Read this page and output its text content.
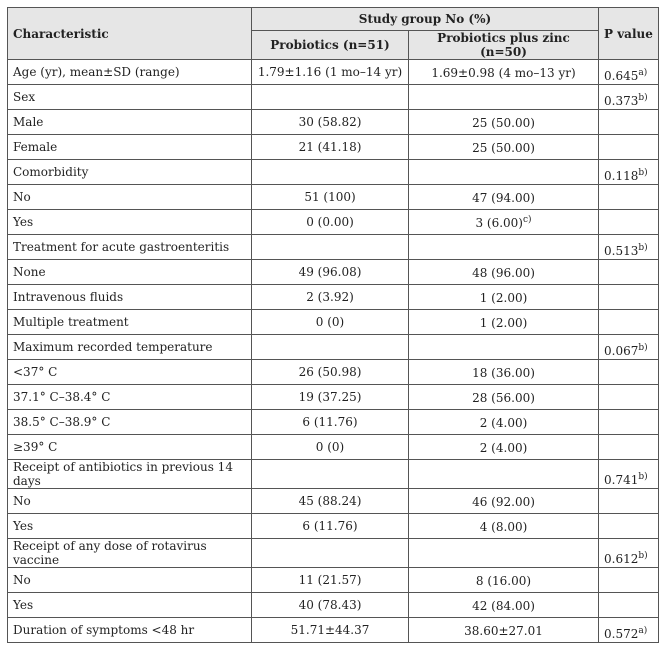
Characteristic	Study group No (%)		P value
	Probiotics (n=51)	Probiotics plus zinc (n=50)	
Age (yr), mean±SD (range)	1.79±1.16 (1 mo–14 yr)	1.69±0.98 (4 mo–13 yr)	0.645$^{a)}$
Sex			0.373$^{b)}$
Male	30 (58.82)	25 (50.00)	
Female	21 (41.18)	25 (50.00)	
Comorbidity			0.118$^{b)}$
No	51 (100)	47 (94.00)	
Yes	0 (0.00)	3 $(6.00)^{c)}$	
Treatment for acute gastroenteritis			0.513$^{b)}$
None	49 (96.08)	48 (96.00)	
Intravenous fluids	2 (3.92)	1 (2.00)	
Multiple treatment	0 (0)	1 (2.00)	
Maximum recorded temperature			$0.067^{b)}$
<37° C	26 (50.98)	18 (36.00)	
37.1° C–38.4° C	19 (37.25)	28 (56.00)	
38.5° C–38.9° C	6 (11.76)	2 (4.00)	
≥39° C	0 (0)	2 (4.00)	
Receipt of antibiotics in previous 14 days			0.741$^{b)}$
No	45 (88.24)	46 (92.00)	
Yes	6 (11.76)	4 (8.00)	
Receipt of any dose of rotavirus vaccine			0.612$^{b)}$
No	11 (21.57)	8 (16.00)	
Yes	40 (78.43)	42 (84.00)	
Duration of symptoms <48 hr	51.71±44.37	38.60±27.01	0.572$^{a)}$
